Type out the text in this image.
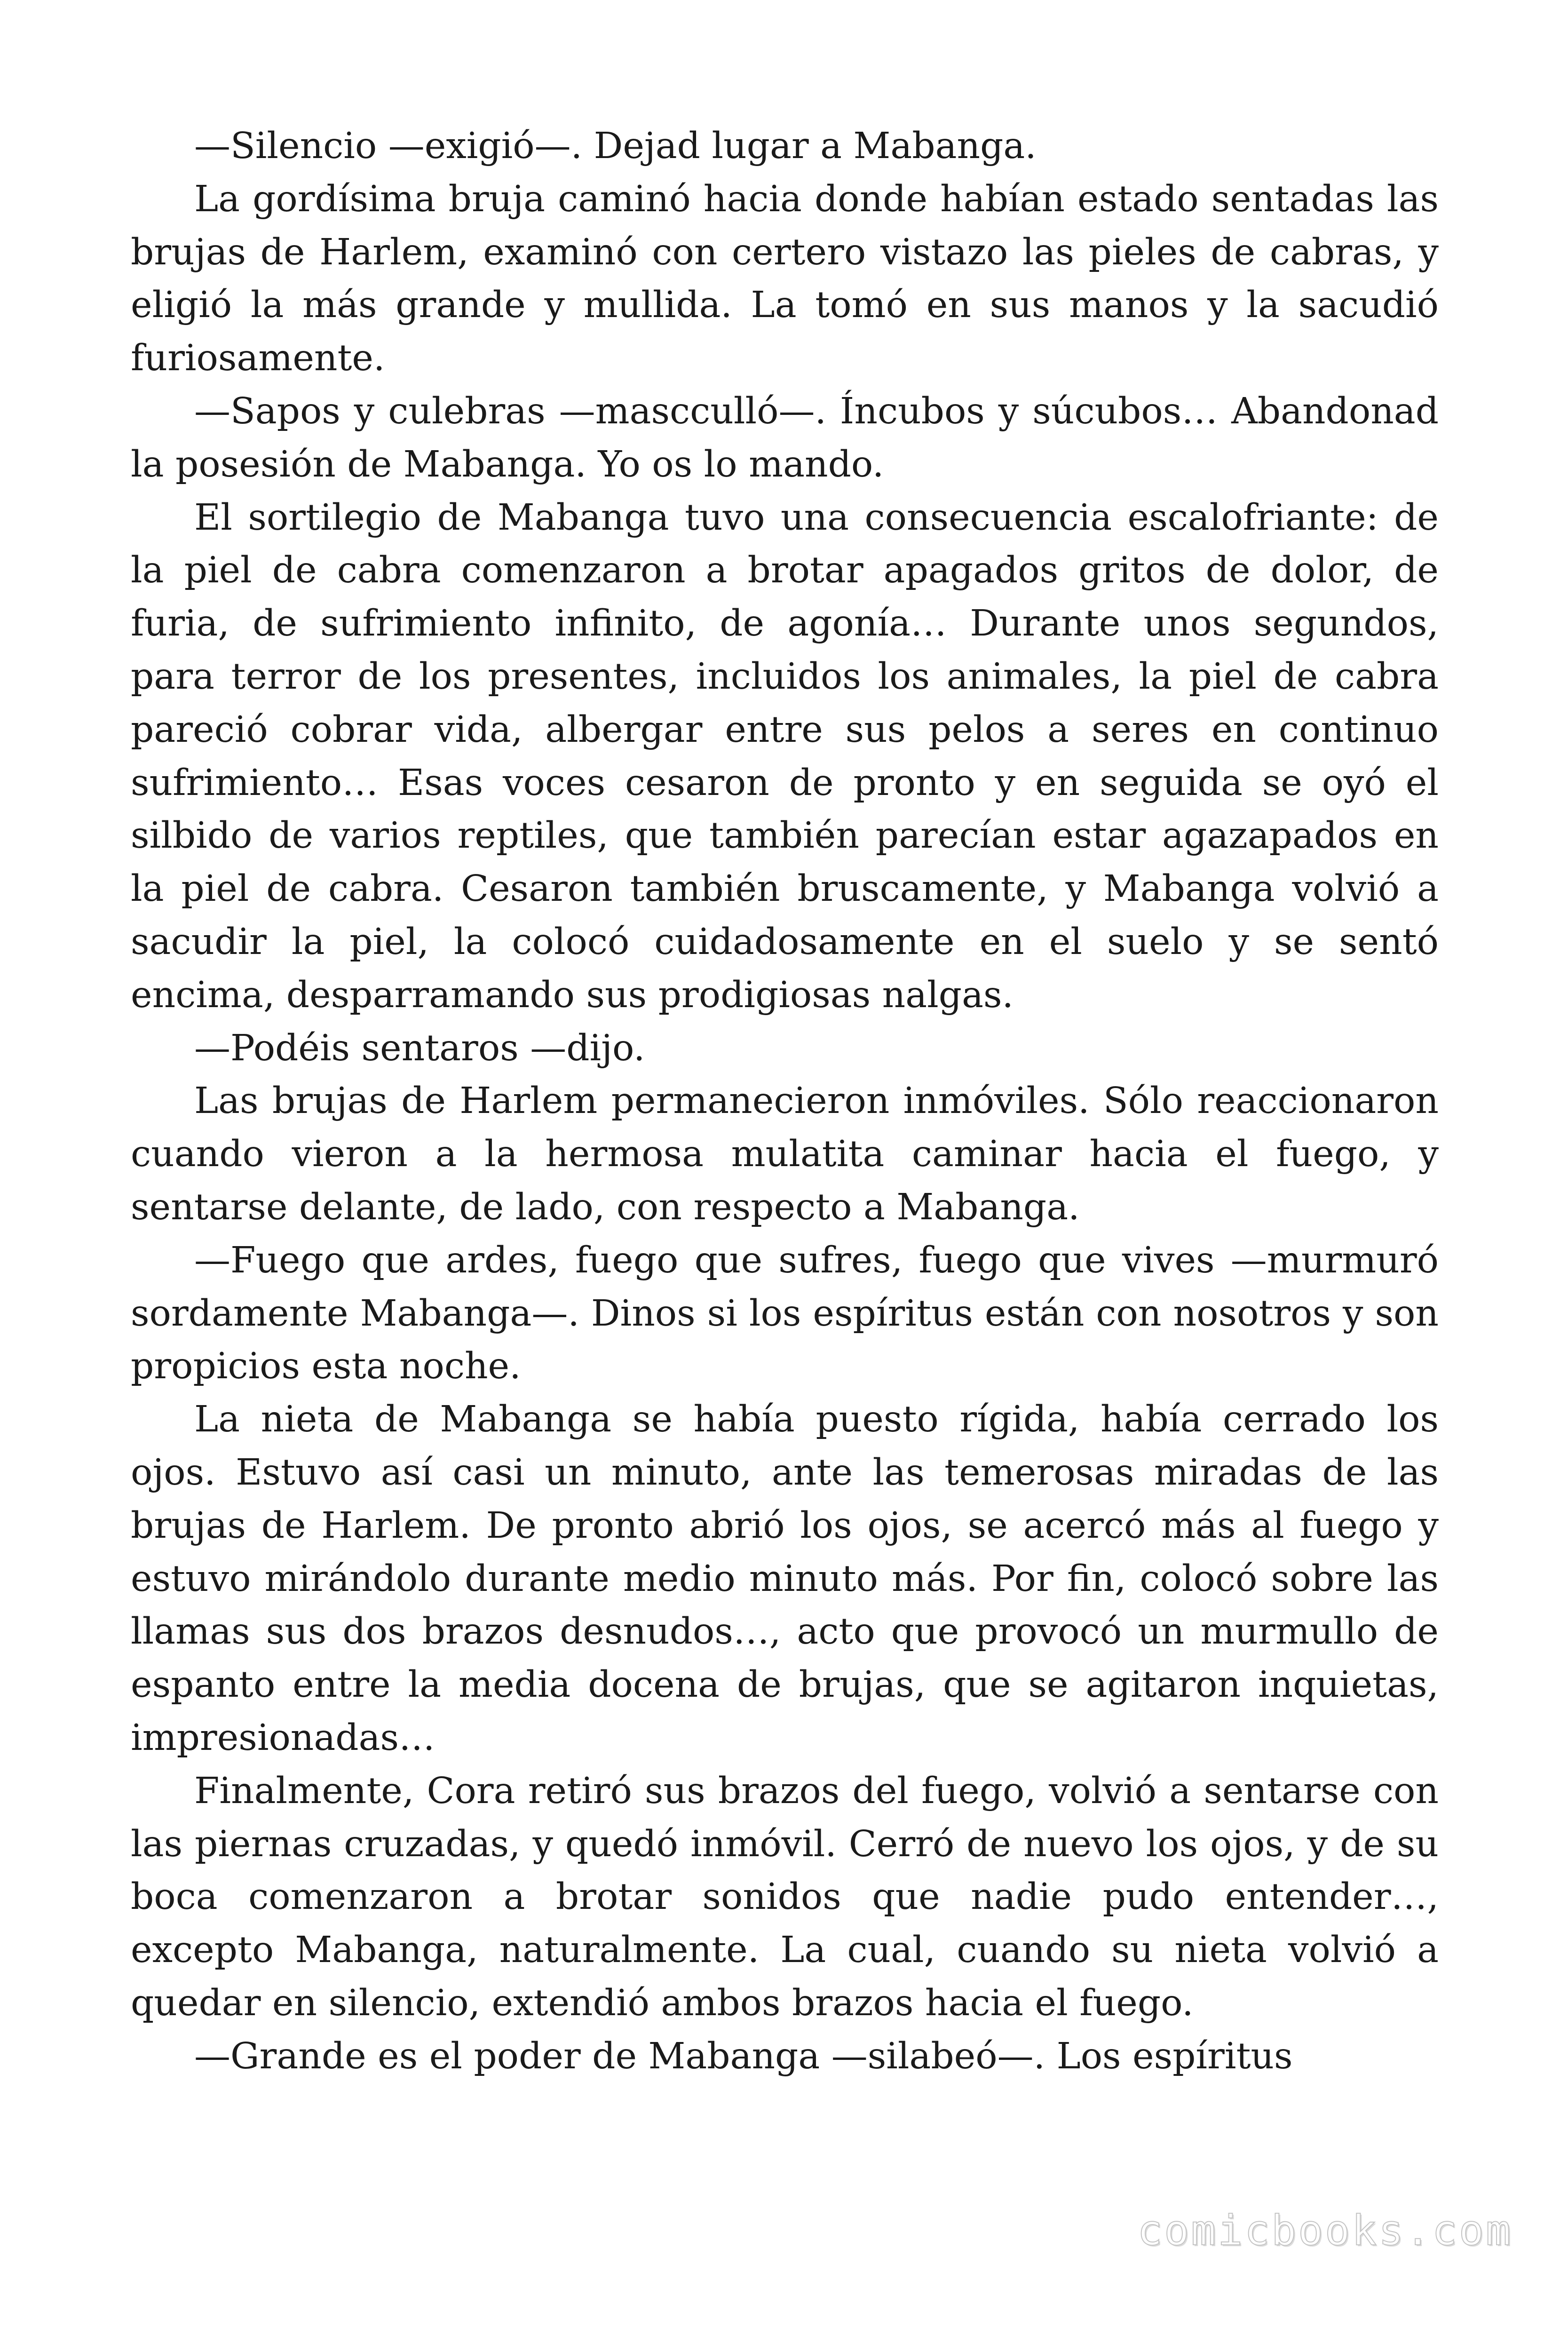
—Silencio —exigió—. Dejad lugar a Mabanga.

La gordísima bruja caminó hacia donde habían estado sentadas las brujas de Harlem, examinó con certero vistazo las pieles de cabras, y eligió la más grande y mullida. La tomó en sus manos y la sacudió furiosamente.

—Sapos y culebras —mascculló—. Íncubos y súcubos… Abandonad la posesión de Mabanga. Yo os lo mando.

El sortilegio de Mabanga tuvo una consecuencia escalofriante: de la piel de cabra comenzaron a brotar apagados gritos de dolor, de furia, de sufrimiento infinito, de agonía… Durante unos segundos, para terror de los presentes, incluidos los animales, la piel de cabra pareció cobrar vida, albergar entre sus pelos a seres en continuo sufrimiento… Esas voces cesaron de pronto y en seguida se oyó el silbido de varios reptiles, que también parecían estar agazapados en la piel de cabra. Cesaron también bruscamente, y Mabanga volvió a sacudir la piel, la colocó cuidadosamente en el suelo y se sentó encima, desparramando sus prodigiosas nalgas.

—Podéis sentaros —dijo.

Las brujas de Harlem permanecieron inmóviles. Sólo reaccionaron cuando vieron a la hermosa mulatita caminar hacia el fuego, y sentarse delante, de lado, con respecto a Mabanga.

—Fuego que ardes, fuego que sufres, fuego que vives —murmuró sordamente Mabanga—. Dinos si los espíritus están con nosotros y son propicios esta noche.

La nieta de Mabanga se había puesto rígida, había cerrado los ojos. Estuvo así casi un minuto, ante las temerosas miradas de las brujas de Harlem. De pronto abrió los ojos, se acercó más al fuego y estuvo mirándolo durante medio minuto más. Por fin, colocó sobre las llamas sus dos brazos desnudos…, acto que provocó un murmullo de espanto entre la media docena de brujas, que se agitaron inquietas, impresionadas…

Finalmente, Cora retiró sus brazos del fuego, volvió a sentarse con las piernas cruzadas, y quedó inmóvil. Cerró de nuevo los ojos, y de su boca comenzaron a brotar sonidos que nadie pudo entender…, excepto Mabanga, naturalmente. La cual, cuando su nieta volvió a quedar en silencio, extendió ambos brazos hacia el fuego.

—Grande es el poder de Mabanga —silabeó—. Los espíritus

comicbooks.com
